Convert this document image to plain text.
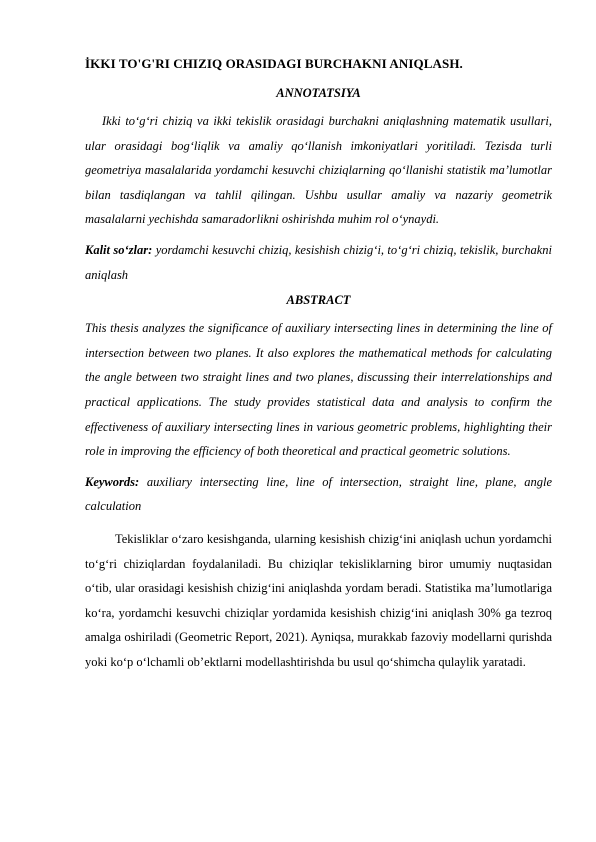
İKKI TO'G'RI CHIZIQ ORASIDAGI BURCHAKNI ANIQLASH.
ANNOTATSIYA

Ikki to‘g‘ri chiziq va ikki tekislik orasidagi burchakni aniqlashning matematik usullari, ular orasidagi bog‘liqlik va amaliy qo‘llanish imkoniyatlari yoritiladi. Tezisda turli geometriya masalalarida yordamchi kesuvchi chiziqlarning qo‘llanishi statistik ma’lumotlar bilan tasdiqlangan va tahlil qilingan. Ushbu usullar amaliy va nazariy geometrik masalalarni yechishda samaradorlikni oshirishda muhim rol o‘ynaydi.

Kalit so‘zlar: yordamchi kesuvchi chiziq, kesishish chizig‘i, to‘g‘ri chiziq, tekislik, burchakni aniqlash

ABSTRACT

This thesis analyzes the significance of auxiliary intersecting lines in determining the line of intersection between two planes. It also explores the mathematical methods for calculating the angle between two straight lines and two planes, discussing their interrelationships and practical applications. The study provides statistical data and analysis to confirm the effectiveness of auxiliary intersecting lines in various geometric problems, highlighting their role in improving the efficiency of both theoretical and practical geometric solutions.

Keywords: auxiliary intersecting line, line of intersection, straight line, plane, angle calculation

Tekisliklar o‘zaro kesishganda, ularning kesishish chizig‘ini aniqlash uchun yordamchi to‘g‘ri chiziqlardan foydalaniladi. Bu chiziqlar tekisliklarning biror umumiy nuqtasidan o‘tib, ular orasidagi kesishish chizig‘ini aniqlashda yordam beradi. Statistika ma’lumotlariga ko‘ra, yordamchi kesuvchi chiziqlar yordamida kesishish chizig‘ini aniqlash 30% ga tezroq amalga oshiriladi (Geometric Report, 2021). Ayniqsa, murakkab fazoviy modellarni qurishda yoki ko‘p o‘lchamli ob’ektlarni modellashtirishda bu usul qo‘shimcha qulaylik yaratadi.
